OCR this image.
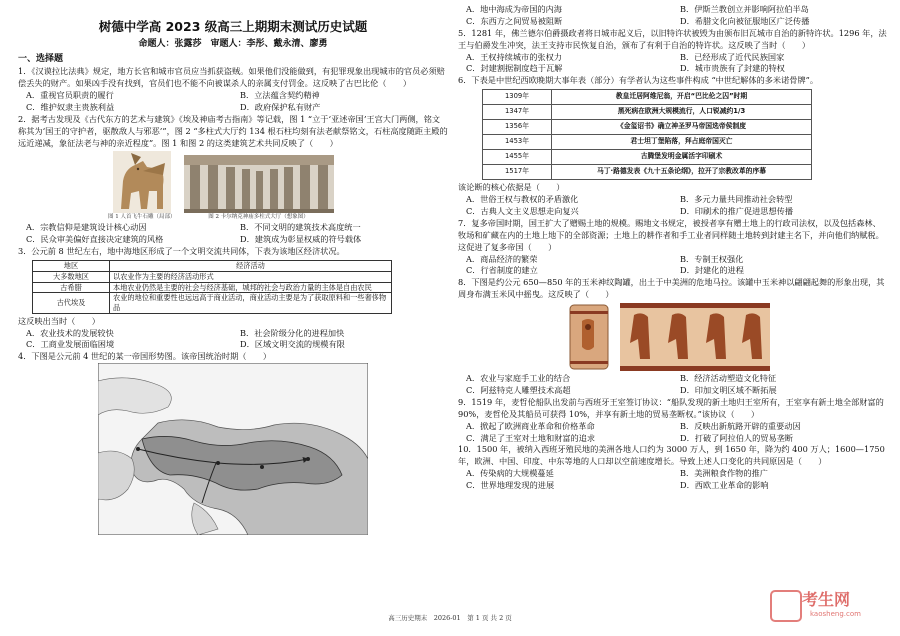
树德中学高 2023 级高三上期期末测试历史试题
命题人：张露莎　审题人：李彤、戴永清、廖勇
一、选择题

1．《汉谟拉比法典》规定，地方长官和城市官员应当抓获盗贼。如果他们没能做到，有犯罪现象出现城市的官员必须赔偿丢失的财产。如果凶手没有找到，官员们也不能不向被谋杀人的亲属支付罚金。这反映了古巴比伦（　　）

A．重视官员职责的履行	B．立法蕴含契约精神
C．维护奴隶主贵族利益	D．政府保护私有财产

2．据考古发现及《古代东方的艺术与建筑》《埃及神庙考古指南》等记载，图 1 “立于‘亚述帝国’王宫大门两侧，铭文称其为‘国王的守护者，驱散敌人与邪恶’”，图 2 “多柱式大厅约 134 根石柱均刻有法老献祭铭文，石柱高度随距主殿的远近递减，象征法老与神的亲近程度”。图 1 和图 2 的这类建筑艺术共同反映了（　　）

图 1 人首飞牛石雕（局部）	图 2 卡尔纳克神庙多柱式大厅（想象图）
A．宗教信仰是建筑设计核心动因	B．不同文明的建筑技术高度统一
C．民众审美偏好直接决定建筑的风格	D．建筑成为彰显权威的符号载体

3．公元前 8 世纪左右，地中海地区形成了一个文明交流共同体，下表为该地区经济状况。

地区	经济活动
大多数地区	以农业作为主要的经济活动形式
古希腊	本地农业仍然是主要的社会与经济基础，城邦的社会与政治力量的主体是自由农民
古代埃及	农业的地位和重要性也远远高于商业活动，商业活动主要是为了获取原料和一些奢侈物品

这反映出当时（　　）

A．农业技术的发展较快	B．社会阶级分化的进程加快
C．工商业发展面临困境	D．区域文明交流的规模有限

4．下图是公元前 4 世纪的某一帝国形势图。该帝国统治时期（　　）

A．地中海成为帝国的内海	B．伊斯兰教创立并影响阿拉伯半岛
C．东西方之间贸易被阻断	D．希腊文化向被征服地区广泛传播

5．1281 年，佛兰德尔伯爵摄政者将日城市起义后，以旧特许状被毁为由颁布旧瓦城市自治的新特许状。1296 年，法王与伯爵发生冲突，法王支持市民恢复自治，颁布了有利于自治的特许状。这反映了当时（　　）

A．王权持续城市的张权力	B．已经形成了近代民族国家
C．封建割据制度趋于瓦解	D．城市贵族有了封建的特权

6．下表是中世纪西欧晚期大事年表（部分）有学者认为这些事件构成 “中世纪解体的多米诺骨牌”。

1309年	教皇迁居阿维尼翁，开启“巴比伦之囚”时期
1347年	黑死病在欧洲大规模流行，人口锐减约1/3
1356年	《金玺诏书》确立神圣罗马帝国选帝侯制度
1453年	君士坦丁堡陷落，拜占庭帝国灭亡
1455年	古腾堡发明金属活字印刷术
1517年	马丁·路德发表《九十五条论纲》，拉开了宗教改革的序幕

该论断的核心依据是（　　）

A．世俗王权与教权的矛盾激化	B．多元力量共同推动社会转型
C．古典人文主义思想走向复兴	D．印刷术的推广促进思想传播

7．复多帝国时期，国王扩大了赠赐土地的规模。赐地文书规定，被授者享有赠土地上的行政司法权，以及包括森林、牧场和矿藏在内的土地上地下的全部资源；土地上的耕作者和手工业者同样随土地转到封建主名下，并向他们纳赋税。这促进了复多帝国（　　）

A．商品经济的繁荣	B．专制王权强化
C．行省制度的建立	D．封建化的进程

8．下图是约公元 650—850 年的玉米神纹陶罐，出土于中美洲的危地马拉。该罐中玉米神以翩翩起舞的形象出现，其周身布满玉米风中摇曳。这反映了（　　）

A．农业与家庭手工业的结合	B．经济活动塑造文化特征
C．阿兹特克人雕塑技术高超	D．印加文明区域不断拓展

9．1519 年，麦哲伦船队出发前与西班牙王室签订协议：“船队发现的新土地归王室所有，王室享有新土地全部财富的 90%，麦哲伦及其船员可获得 10%，并享有新土地的贸易垄断权。”该协议（　　）

A．掀起了欧洲商业革命和价格革命	B．反映出新航路开辟的重要动因
C．满足了王室对土地和财富的追求	D．打破了阿拉伯人的贸易垄断

10．1500 年，被纳入西班牙殖民地的美洲各地人口约为 3000 万人，到 1650 年，降为约 400 万人；1600—1750 年，欧洲、中国、印度、中东等地的人口却以空前速度增长。导致上述人口变化的共同原因是（　　）

A．传染病的大规模蔓延	B．美洲粮食作物的推广
C．世界地理发现的进展	D．西欧工业革命的影响
高三历史期末　2026-01　第 1 页 共 2 页
考生网
kaosheng.com
